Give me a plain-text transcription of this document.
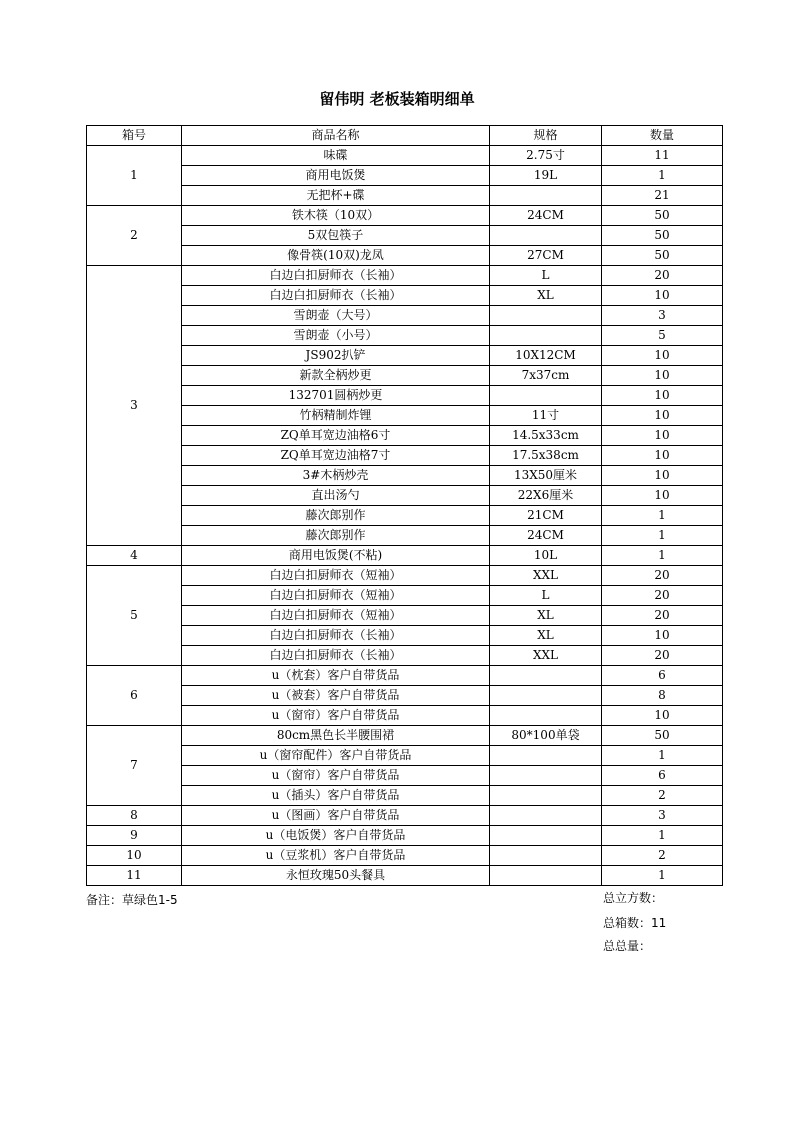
留伟明 老板装箱明细单
箱号	商品名称	规格	数量
1	味碟	2.75寸	11
	商用电饭煲	19L	1
	无把杯+碟		21
2	铁木筷（10双）	24CM	50
	5双包筷子		50
	像骨筷(10双)龙凤	27CM	50
3	白边白扣厨师衣（长袖）	L	20
	白边白扣厨师衣（长袖）	XL	10
	雪朗壶（大号）		3
	雪朗壶（小号）		5
	JS902扒铲	10X12CM	10
	新款全柄炒更	7x37cm	10
	132701圆柄炒更		10
	竹柄精制炸锂	11寸	10
	ZQ单耳宽边油格6寸	14.5x33cm	10
	ZQ单耳宽边油格7寸	17.5x38cm	10
	3#木柄炒壳	13X50厘米	10
	直出汤勺	22X6厘米	10
	藤次郎别作	21CM	1
	藤次郎别作	24CM	1
4	商用电饭煲(不粘)	10L	1
5	白边白扣厨师衣（短袖）	XXL	20
	白边白扣厨师衣（短袖）	L	20
	白边白扣厨师衣（短袖）	XL	20
	白边白扣厨师衣（长袖）	XL	10
	白边白扣厨师衣（长袖）	XXL	20
6	u（枕套）客户自带货品		6
	u（被套）客户自带货品		8
	u（窗帘）客户自带货品		10
7	80cm黑色长半腰围裙	80*100单袋	50
	u（窗帘配件）客户自带货品		1
	u（窗帘）客户自带货品		6
	u（插头）客户自带货品		2
8	u（图画）客户自带货品		3
9	u（电饭煲）客户自带货品		1
10	u（豆浆机）客户自带货品		2
11	永恒玫瑰50头餐具		1
备注：草绿色1-5	总立方数：
总箱数：11
总总量：
